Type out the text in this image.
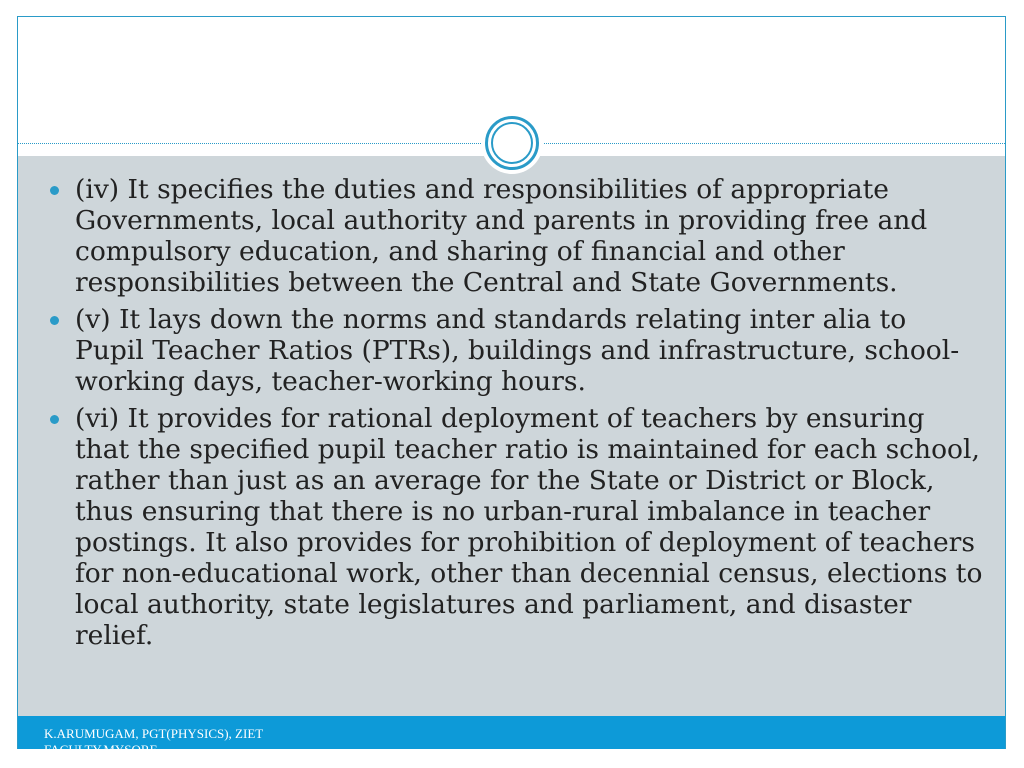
(iv) It specifies the duties and responsibilities of appropriate Governments, local authority and parents in providing free and compulsory education, and sharing of financial and other responsibilities between the Central and State Governments.
(v) It lays down the norms and standards relating inter alia to Pupil Teacher Ratios (PTRs), buildings and infrastructure, school-working days, teacher-working hours.
(vi) It provides for rational deployment of teachers by ensuring that the specified pupil teacher ratio is maintained for each school, rather than just as an average for the State or District or Block, thus ensuring that there is no urban-rural imbalance in teacher postings. It also provides for prohibition of deployment of teachers for non-educational work, other than decennial census, elections to local authority, state legislatures and parliament, and disaster relief.
K.ARUMUGAM, PGT(PHYSICS), ZIET FACULTY,MYSORE
